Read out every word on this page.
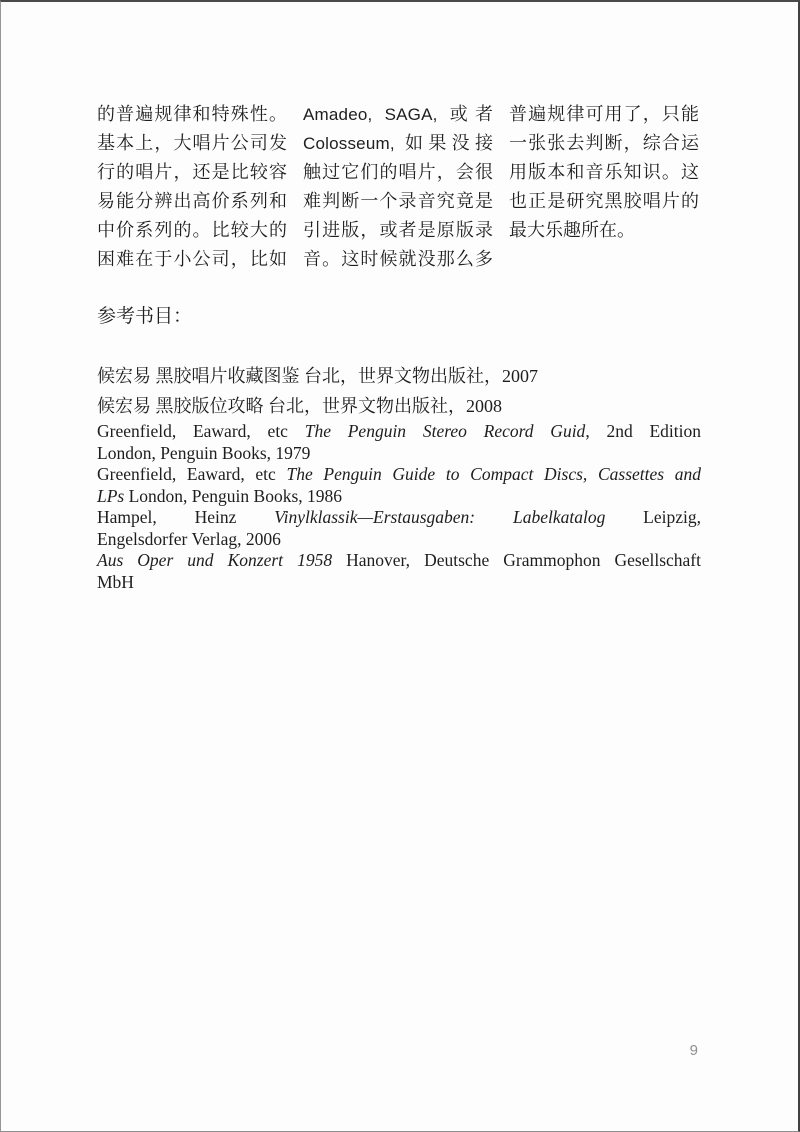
的普遍规律和特殊性。
基本上，大唱片公司发
行的唱片，还是比较容
易能分辨出高价系列和
中价系列的。比较大的
困难在于小公司，比如
Amadeo, SAGA, 或者
Colosseum, 如果没接
触过它们的唱片，会很
难判断一个录音究竟是
引进版，或者是原版录
音。这时候就没那么多
普遍规律可用了，只能
一张张去判断，综合运
用版本和音乐知识。这
也正是研究黑胶唱片的
最大乐趣所在。
参考书目：
候宏易 黑胶唱片收藏图鉴 台北，世界文物出版社，2007
候宏易 黑胶版位攻略 台北，世界文物出版社，2008
Greenfield, Eaward, etc The Penguin Stereo Record Guid, 2nd Edition
London, Penguin Books, 1979
Greenfield, Eaward, etc The Penguin Guide to Compact Discs, Cassettes and
LPs London, Penguin Books, 1986
Hampel, Heinz Vinylklassik—Erstausgaben: Labelkatalog Leipzig,
Engelsdorfer Verlag, 2006
Aus Oper und Konzert 1958 Hanover, Deutsche Grammophon Gesellschaft
MbH
9
